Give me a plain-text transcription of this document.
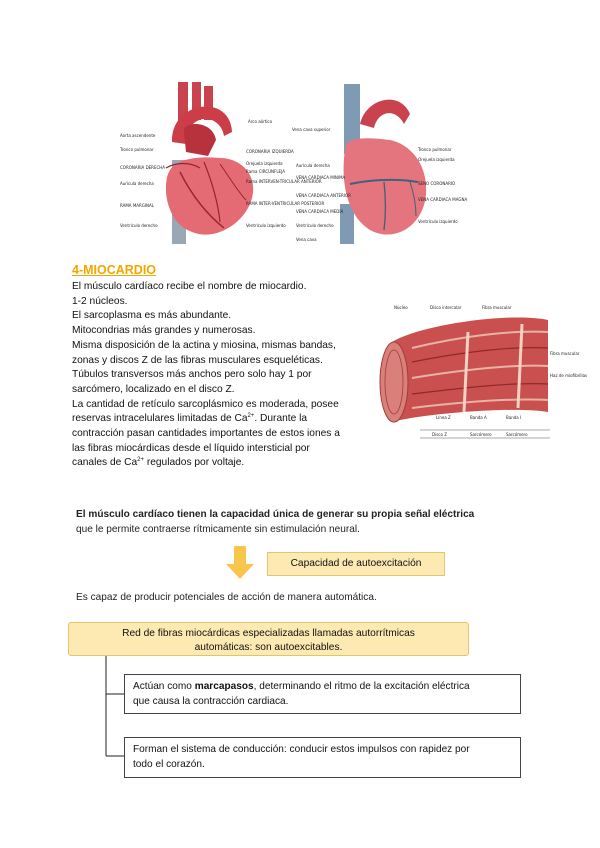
Aorta ascendente
Tronco pulmonar
CORONARIA DERECHA
Aurícula derecha
RAMA MARGINAL
Ventrículo derecho
Arco aórtico
CORONARIA IZQUIERDA
Orejuela izquierda
Rama CIRCUNFLEJA
Rama INTERVEN-TRICULAR ANTERIOR
RAMA INTER-VENTRICULAR POSTERIOR
Ventrículo izquierdo
Vena cava superior
Aurícula derecha
VENA CARDIACA MINIMA
VENA CARDIACA ANTERIOR
VENA CARDIACA MEDIA
Ventrículo derecho
Vena cava
Tronco pulmonar
Orejuela izquierda
SENO CORONARIO
VENA CARDIACA MAGNA
Ventrículo izquierdo
4-MIOCARDIO
El músculo cardíaco recibe el nombre de miocardio.
1-2 núcleos.
El sarcoplasma es más abundante.
Mitocondrias más grandes y numerosas.
Misma disposición de la actina y miosina, mismas bandas,
zonas y discos Z de las fibras musculares esqueléticas.
Túbulos transversos más anchos pero solo hay 1 por
sarcómero, localizado en el disco Z.
La cantidad de retículo sarcoplásmico es moderada, posee
reservas intracelulares limitadas de $Ca^{2+}$. Durante la
contracción pasan cantidades importantes de estos iones a
las fibras miocárdicas desde el líquido intersticial por
canales de $Ca^{2+}$ regulados por voltaje.
Núcleo	Disco intercalar	Fibra muscular
Fibra muscular
Haz de miofibrillas
Línea Z	Banda A	Banda I
Disco Z	Sarcómero	Sarcómero
El músculo cardíaco tienen la capacidad única de generar su propia señal eléctrica
que le permite contraerse rítmicamente sin estimulación neural.
Capacidad de autoexcitación
Es capaz de producir potenciales de acción de manera automática.
Red de fibras miocárdicas especializadas llamadas autorrítmicas
automáticas: son autoexcitables.
Actúan como marcapasos, determinando el ritmo de la excitación eléctrica
que causa la contracción cardiaca.
Forman el sistema de conducción: conducir estos impulsos con rapidez por
todo el corazón.
